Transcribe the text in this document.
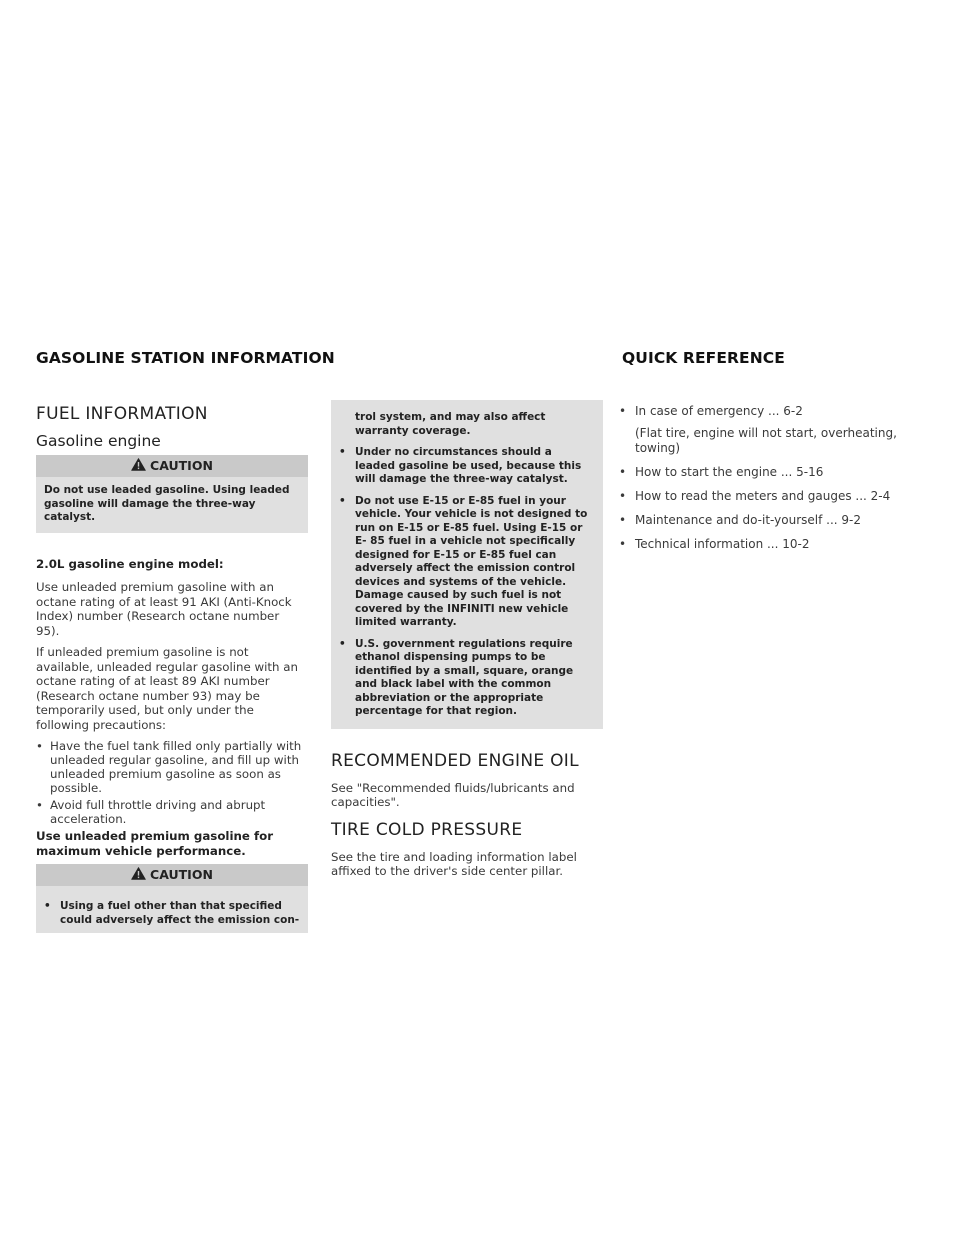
GASOLINE STATION INFORMATION	QUICK REFERENCE
FUEL INFORMATION
Gasoline engine
CAUTION

Do not use leaded gasoline. Using leaded gasoline will damage the three-way catalyst.

2.0L gasoline engine model:

Use unleaded premium gasoline with an octane rating of at least 91 AKI (Anti-Knock Index) number (Research octane number 95).

If unleaded premium gasoline is not available, unleaded regular gasoline with an octane rating of at least 89 AKI number (Research octane number 93) may be temporarily used, but only under the following precautions:

• Have the fuel tank filled only partially with unleaded regular gasoline, and fill up with unleaded premium gasoline as soon as possible.
• Avoid full throttle driving and abrupt acceleration.

Use unleaded premium gasoline for maximum vehicle performance.

CAUTION
• Using a fuel other than that specified could adversely affect the emission con-
trol system, and may also affect warranty coverage.
• Under no circumstances should a leaded gasoline be used, because this will damage the three-way catalyst.
• Do not use E-15 or E-85 fuel in your vehicle. Your vehicle is not designed to run on E-15 or E-85 fuel. Using E-15 or E- 85 fuel in a vehicle not specifically designed for E-15 or E-85 fuel can adversely affect the emission control devices and systems of the vehicle. Damage caused by such fuel is not covered by the INFINITI new vehicle limited warranty.
• U.S. government regulations require ethanol dispensing pumps to be identified by a small, square, orange and black label with the common abbreviation or the appropriate percentage for that region.
RECOMMENDED ENGINE OIL

See "Recommended fluids/lubricants and capacities".

TIRE COLD PRESSURE

See the tire and loading information label affixed to the driver's side center pillar.

• In case of emergency ... 6-2

(Flat tire, engine will not start, overheating, towing)

• How to start the engine ... 5-16
• How to read the meters and gauges ... 2-4
• Maintenance and do-it-yourself ... 9-2
• Technical information ... 10-2
